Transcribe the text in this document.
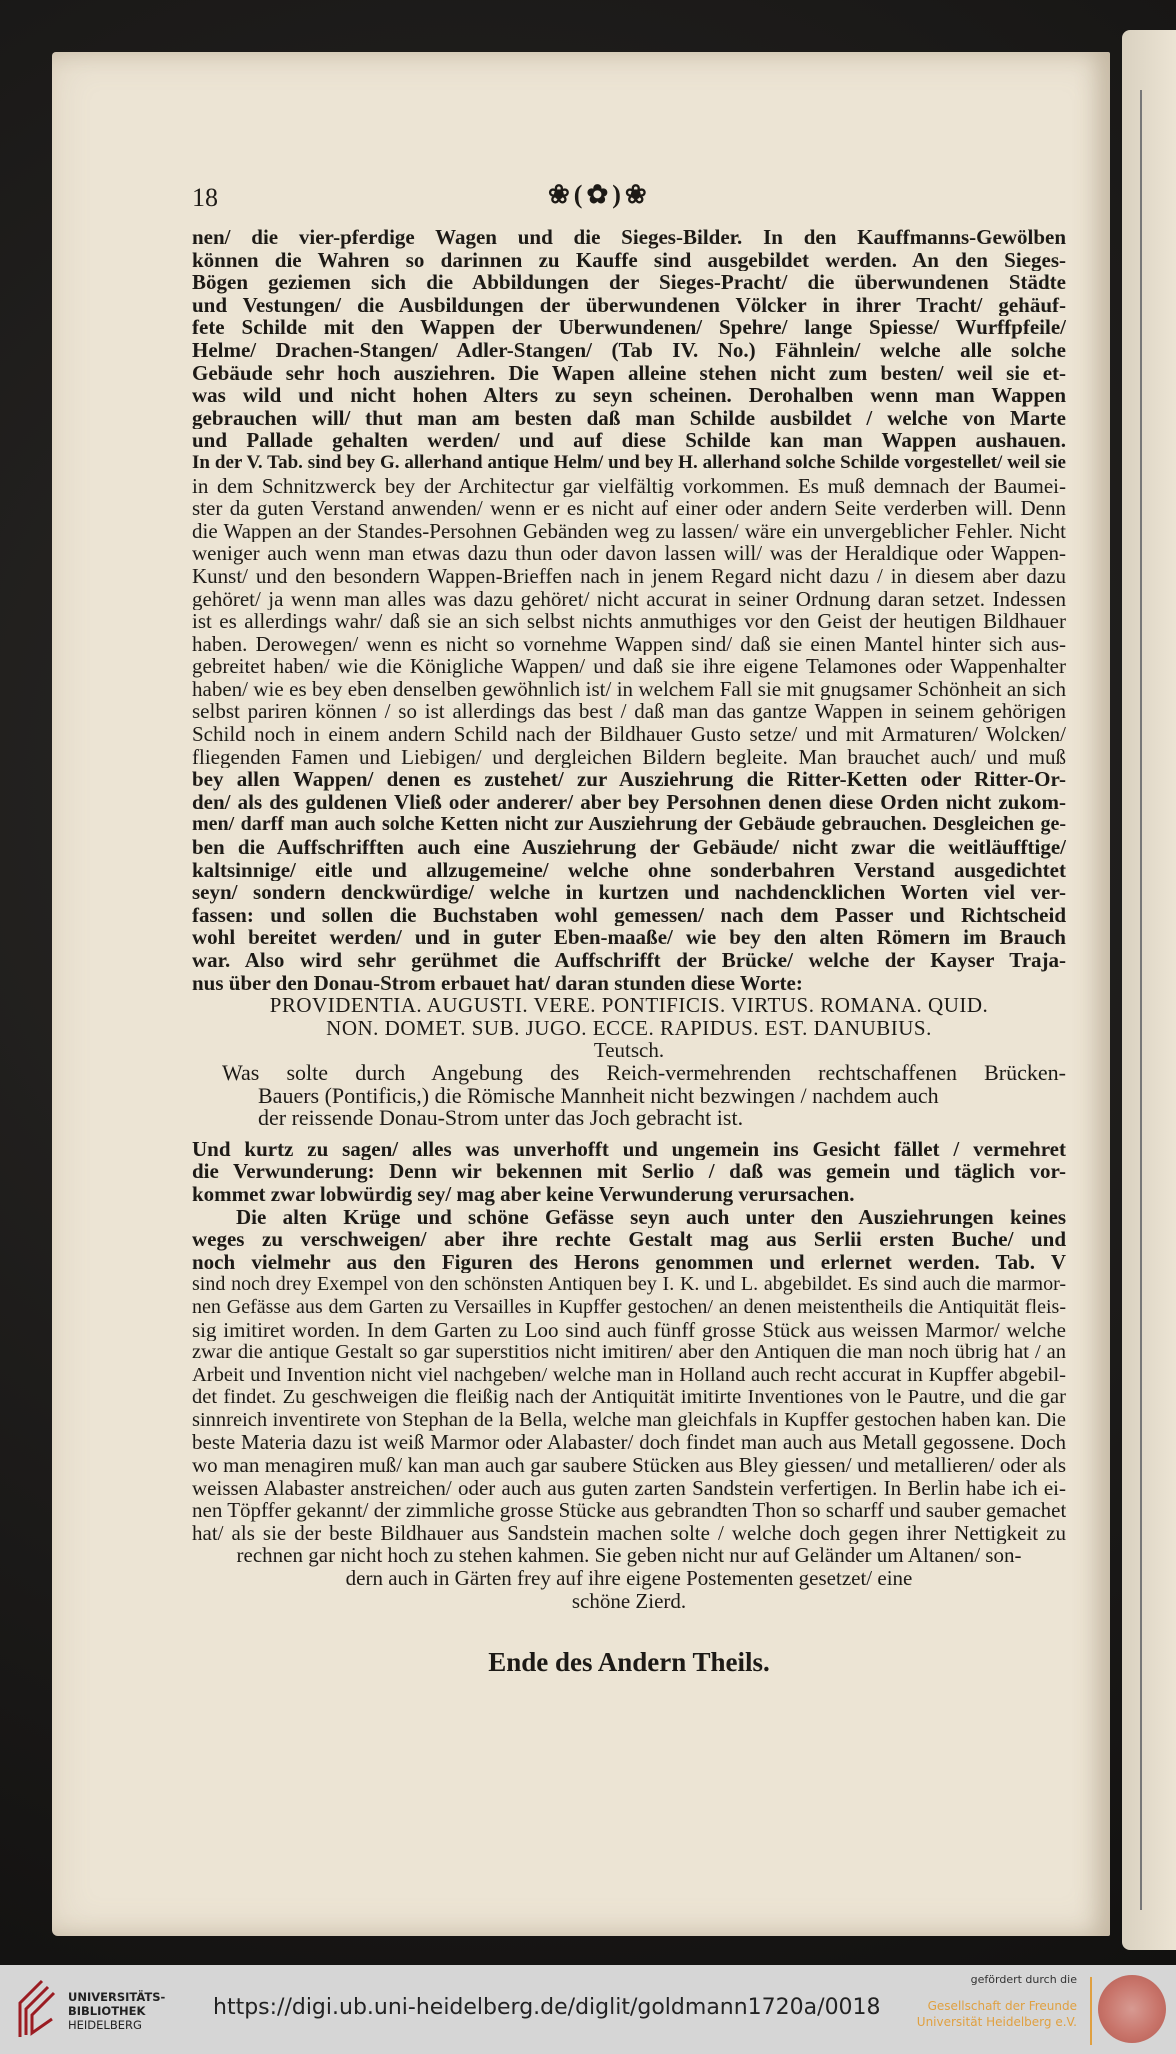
18	❀(✿)❀
nen/ die vier-pferdige Wagen und die Sieges-Bilder. In den Kauffmanns-Gewölben
können die Wahren so darinnen zu Kauffe sind ausgebildet werden. An den Sieges-
Bögen geziemen sich die Abbildungen der Sieges-Pracht/ die überwundenen Städte
und Vestungen/ die Ausbildungen der überwundenen Völcker in ihrer Tracht/ gehäuf-
fete Schilde mit den Wappen der Uberwundenen/ Spehre/ lange Spiesse/ Wurffpfeile/
Helme/ Drachen-Stangen/ Adler-Stangen/ (Tab IV. No.) Fähnlein/ welche alle solche
Gebäude sehr hoch ausziehren. Die Wapen alleine stehen nicht zum besten/ weil sie et-
was wild und nicht hohen Alters zu seyn scheinen. Derohalben wenn man Wappen
gebrauchen will/ thut man am besten daß man Schilde ausbildet / welche von Marte
und Pallade gehalten werden/ und auf diese Schilde kan man Wappen aushauen.
In der V. Tab. sind bey G. allerhand antique Helm/ und bey H. allerhand solche Schilde vorgestellet/ weil sie
in dem Schnitzwerck bey der Architectur gar vielfältig vorkommen. Es muß demnach der Baumei-
ster da guten Verstand anwenden/ wenn er es nicht auf einer oder andern Seite verderben will. Denn
die Wappen an der Standes-Persohnen Gebänden weg zu lassen/ wäre ein unvergeblicher Fehler. Nicht
weniger auch wenn man etwas dazu thun oder davon lassen will/ was der Heraldique oder Wappen-
Kunst/ und den besondern Wappen-Brieffen nach in jenem Regard nicht dazu / in diesem aber dazu
gehöret/ ja wenn man alles was dazu gehöret/ nicht accurat in seiner Ordnung daran setzet. Indessen
ist es allerdings wahr/ daß sie an sich selbst nichts anmuthiges vor den Geist der heutigen Bildhauer
haben. Derowegen/ wenn es nicht so vornehme Wappen sind/ daß sie einen Mantel hinter sich aus-
gebreitet haben/ wie die Königliche Wappen/ und daß sie ihre eigene Telamones oder Wappenhalter
haben/ wie es bey eben denselben gewöhnlich ist/ in welchem Fall sie mit gnugsamer Schönheit an sich
selbst pariren können / so ist allerdings das best / daß man das gantze Wappen in seinem gehörigen
Schild noch in einem andern Schild nach der Bildhauer Gusto setze/ und mit Armaturen/ Wolcken/
fliegenden Famen und Liebigen/ und dergleichen Bildern begleite. Man brauchet auch/ und muß
bey allen Wappen/ denen es zustehet/ zur Ausziehrung die Ritter-Ketten oder Ritter-Or-
den/ als des guldenen Vließ oder anderer/ aber bey Persohnen denen diese Orden nicht zukom-
men/ darff man auch solche Ketten nicht zur Ausziehrung der Gebäude gebrauchen. Desgleichen ge-
ben die Auffschrifften auch eine Ausziehrung der Gebäude/ nicht zwar die weitläufftige/
kaltsinnige/ eitle und allzugemeine/ welche ohne sonderbahren Verstand ausgedichtet
seyn/ sondern denckwürdige/ welche in kurtzen und nachdencklichen Worten viel ver-
fassen: und sollen die Buchstaben wohl gemessen/ nach dem Passer und Richtscheid
wohl bereitet werden/ und in guter Eben-maaße/ wie bey den alten Römern im Brauch
war. Also wird sehr gerühmet die Auffschrifft der Brücke/ welche der Kayser Traja-
nus über den Donau-Strom erbauet hat/ daran stunden diese Worte:
PROVIDENTIA. AUGUSTI. VERE. PONTIFICIS. VIRTUS. ROMANA. QUID.
NON. DOMET. SUB. JUGO. ECCE. RAPIDUS. EST. DANUBIUS.
Teutsch.
Was solte durch Angebung des Reich-vermehrenden rechtschaffenen Brücken-
Bauers (Pontificis,) die Römische Mannheit nicht bezwingen / nachdem auch
der reissende Donau-Strom unter das Joch gebracht ist.
Und kurtz zu sagen/ alles was unverhofft und ungemein ins Gesicht fället / vermehret
die Verwunderung: Denn wir bekennen mit Serlio / daß was gemein und täglich vor-
kommet zwar lobwürdig sey/ mag aber keine Verwunderung verursachen.
Die alten Krüge und schöne Gefässe seyn auch unter den Ausziehrungen keines
weges zu verschweigen/ aber ihre rechte Gestalt mag aus Serlii ersten Buche/ und
noch vielmehr aus den Figuren des Herons genommen und erlernet werden. Tab. V
sind noch drey Exempel von den schönsten Antiquen bey I. K. und L. abgebildet. Es sind auch die marmor-
nen Gefässe aus dem Garten zu Versailles in Kupffer gestochen/ an denen meistentheils die Antiquität fleis-
sig imitiret worden. In dem Garten zu Loo sind auch fünff grosse Stück aus weissen Marmor/ welche
zwar die antique Gestalt so gar superstitios nicht imitiren/ aber den Antiquen die man noch übrig hat / an
Arbeit und Invention nicht viel nachgeben/ welche man in Holland auch recht accurat in Kupffer abgebil-
det findet. Zu geschweigen die fleißig nach der Antiquität imitirte Inventiones von le Pautre, und die gar
sinnreich inventirete von Stephan de la Bella, welche man gleichfals in Kupffer gestochen haben kan. Die
beste Materia dazu ist weiß Marmor oder Alabaster/ doch findet man auch aus Metall gegossene. Doch
wo man menagiren muß/ kan man auch gar saubere Stücken aus Bley giessen/ und metallieren/ oder als
weissen Alabaster anstreichen/ oder auch aus guten zarten Sandstein verfertigen. In Berlin habe ich ei-
nen Töpffer gekannt/ der zimmliche grosse Stücke aus gebrandten Thon so scharff und sauber gemachet
hat/ als sie der beste Bildhauer aus Sandstein machen solte / welche doch gegen ihrer Nettigkeit zu
rechnen gar nicht hoch zu stehen kahmen. Sie geben nicht nur auf Geländer um Altanen/ son-
dern auch in Gärten frey auf ihre eigene Postementen gesetzet/ eine
schöne Zierd.
Ende des Andern Theils.
UNIVERSITÄTS-
BIBLIOTHEK
HEIDELBERG
https://digi.ub.uni-heidelberg.de/diglit/goldmann1720a/0018
gefördert durch die
Gesellschaft der Freunde
Universität Heidelberg e.V.
